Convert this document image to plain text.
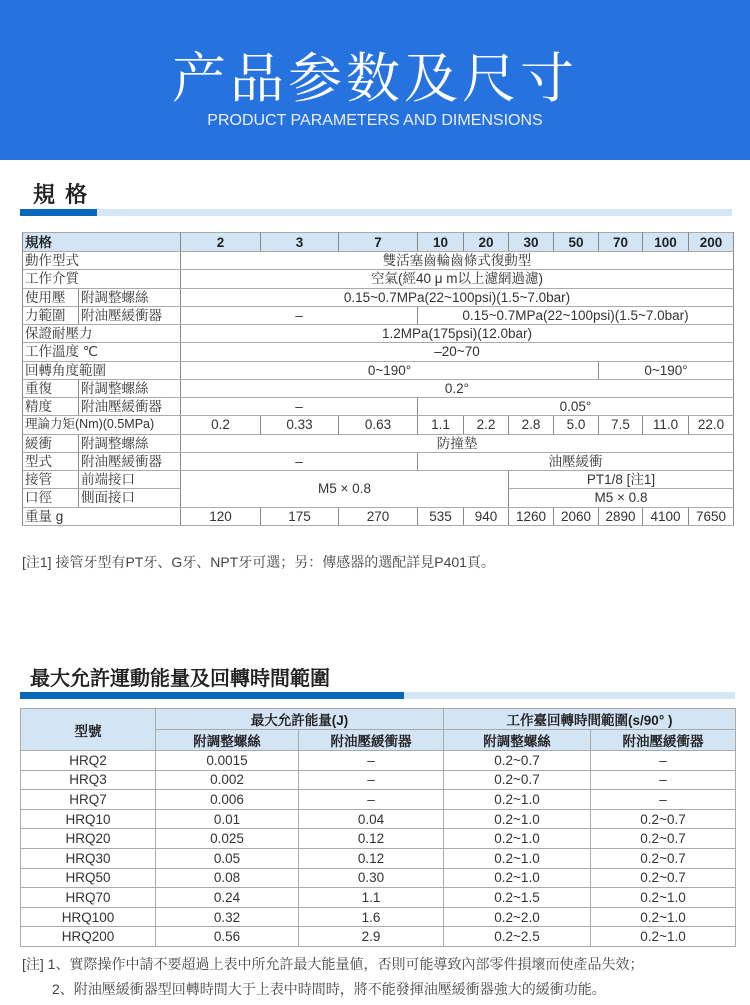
产品参数及尺寸
PRODUCT PARAMETERS AND DIMENSIONS
規 格
規格		2	3	7	10	20	30	50	70	100	200
動作型式		雙活塞齒輪齒條式復動型									
工作介質		空氣(經40 μ m以上濾網過濾)									
使用壓	附調整螺絲	0.15~0.7MPa(22~100psi)(1.5~7.0bar)									
力範圍	附油壓緩衝器	–			0.15~0.7MPa(22~100psi)(1.5~7.0bar)						
保證耐壓力		1.2MPa(175psi)(12.0bar)									
工作溫度 ℃		–20~70									
回轉角度範圍		0~190°							0~190°		
重復	附調整螺絲	0.2°									
精度	附油壓緩衝器	–			0.05°						
理論力矩(Nm)(0.5MPa)		0.2	0.33	0.63	1.1	2.2	2.8	5.0	7.5	11.0	22.0
緩衝	附調整螺絲	防撞墊									
型式	附油壓緩衝器	–			油壓緩衝						
接管	前端接口	M5 × 0.8					PT1/8 [注1]				
口徑	側面接口						M5 × 0.8				
重量 g		120	175	270	535	940	1260	2060	2890	4100	7650
[注1] 接管牙型有PT牙、G牙、NPT牙可選；另：傳感器的選配詳見P401頁。
最大允許運動能量及回轉時間範圍
型號	最大允許能量(J)		工作臺回轉時間範圍(s/90° )	
	附調整螺絲	附油壓緩衝器	附調整螺絲	附油壓緩衝器
HRQ2	0.0015	–	0.2~0.7	–
HRQ3	0.002	–	0.2~0.7	–
HRQ7	0.006	–	0.2~1.0	–
HRQ10	0.01	0.04	0.2~1.0	0.2~0.7
HRQ20	0.025	0.12	0.2~1.0	0.2~0.7
HRQ30	0.05	0.12	0.2~1.0	0.2~0.7
HRQ50	0.08	0.30	0.2~1.0	0.2~0.7
HRQ70	0.24	1.1	0.2~1.5	0.2~1.0
HRQ100	0.32	1.6	0.2~2.0	0.2~1.0
HRQ200	0.56	2.9	0.2~2.5	0.2~1.0
[注] 1、實際操作中請不要超過上表中所允許最大能量値，否則可能導致內部零件損壞而使產品失效；
2、附油壓緩衝器型回轉時間大于上表中時間時，將不能發揮油壓緩衝器強大的緩衝功能。
